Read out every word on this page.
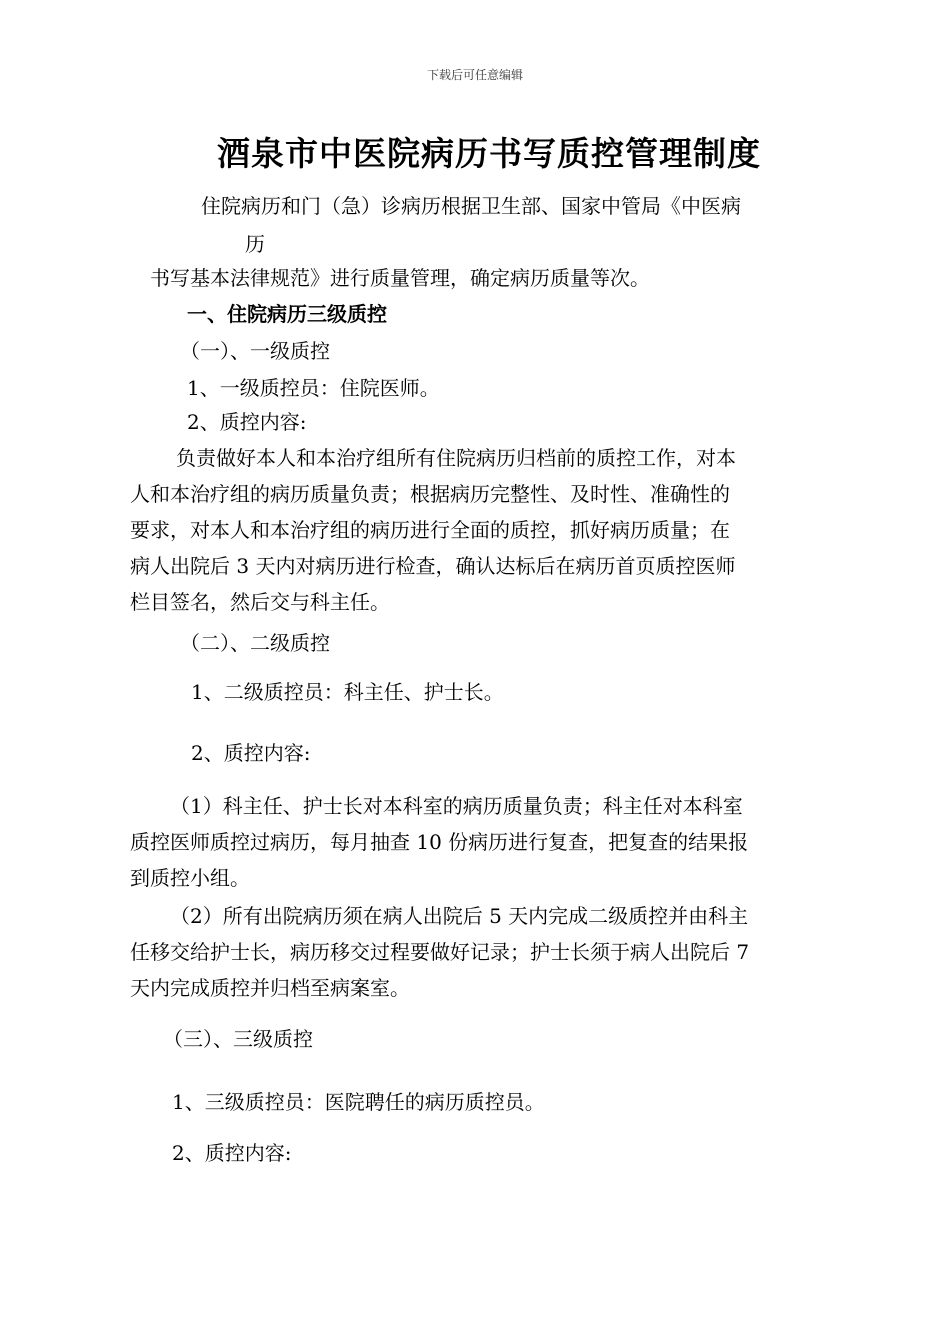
下载后可任意编辑
酒泉市中医院病历书写质控管理制度
住院病历和门（急）诊病历根据卫生部、国家中管局《中医病
历
书写基本法律规范》进行质量管理，确定病历质量等次。
一、住院病历三级质控
（一）、一级质控
1、一级质控员：住院医师。
2、质控内容:
负责做好本人和本治疗组所有住院病历归档前的质控工作，对本
人和本治疗组的病历质量负责；根据病历完整性、及时性、准确性的
要求，对本人和本治疗组的病历进行全面的质控，抓好病历质量；在
病人出院后 3 天内对病历进行检查，确认达标后在病历首页质控医师
栏目签名，然后交与科主任。
（二）、二级质控
1、二级质控员：科主任、护士长。
2、质控内容:
（1）科主任、护士长对本科室的病历质量负责；科主任对本科室
质控医师质控过病历，每月抽查 10 份病历进行复查，把复查的结果报
到质控小组。
（2）所有出院病历须在病人出院后 5 天内完成二级质控并由科主
任移交给护士长，病历移交过程要做好记录；护士长须于病人出院后 7
天内完成质控并归档至病案室。
（三）、三级质控
1、三级质控员：医院聘任的病历质控员。
2、质控内容:
